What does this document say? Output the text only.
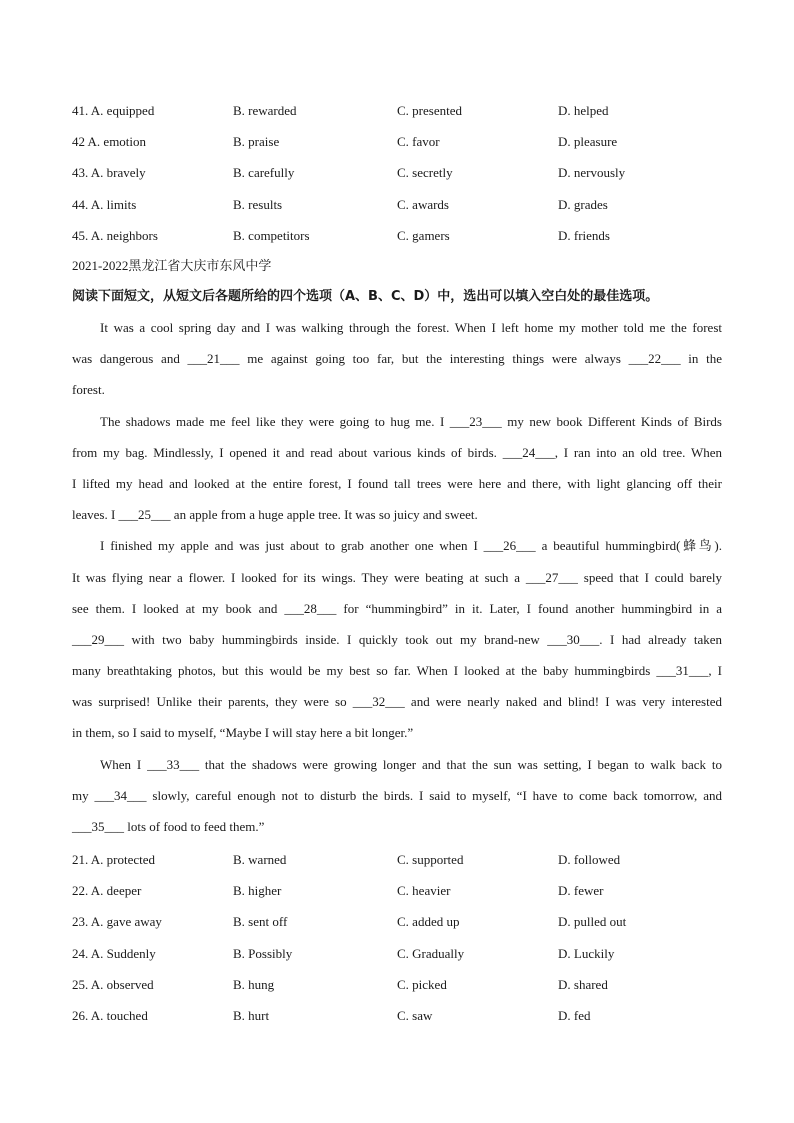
41. A. equipped	B. rewarded	C. presented	D. helped
42 A. emotion	B. praise	C. favor	D. pleasure
43. A. bravely	B. carefully	C. secretly	D. nervously
44. A. limits	B. results	C. awards	D. grades
45. A. neighbors	B. competitors	C. gamers	D. friends
2021-2022黑龙江省大庆市东风中学
阅读下面短文，从短文后各题所给的四个选项（A、B、C、D）中，选出可以填入空白处的最佳选项。
It was a cool spring day and I was walking through the forest. When I left home my mother told me the forest
was dangerous and ___21___ me against going too far, but the interesting things were always ___22___ in the
forest.
The shadows made me feel like they were going to hug me. I ___23___ my new book Different Kinds of Birds
from my bag. Mindlessly, I opened it and read about various kinds of birds. ___24___, I ran into an old tree. When
I lifted my head and looked at the entire forest, I found tall trees were here and there, with light glancing off their
leaves. I ___25___ an apple from a huge apple tree. It was so juicy and sweet.
I finished my apple and was just about to grab another one when I ___26___ a beautiful hummingbird(蜂鸟).
It was flying near a flower. I looked for its wings. They were beating at such a ___27___ speed that I could barely
see them. I looked at my book and ___28___ for “hummingbird” in it. Later, I found another hummingbird in a
___29___ with two baby hummingbirds inside. I quickly took out my brand-new ___30___. I had already taken
many breathtaking photos, but this would be my best so far. When I looked at the baby hummingbirds ___31___, I
was surprised! Unlike their parents, they were so ___32___ and were nearly naked and blind! I was very interested
in them, so I said to myself, “Maybe I will stay here a bit longer.”
When I ___33___ that the shadows were growing longer and that the sun was setting, I began to walk back to
my ___34___ slowly, careful enough not to disturb the birds. I said to myself, “I have to come back tomorrow, and
___35___ lots of food to feed them.”
21. A. protected	B. warned	C. supported	D. followed
22. A. deeper	B. higher	C. heavier	D. fewer
23. A. gave away	B. sent off	C. added up	D. pulled out
24. A. Suddenly	B. Possibly	C. Gradually	D. Luckily
25. A. observed	B. hung	C. picked	D. shared
26. A. touched	B. hurt	C. saw	D. fed
